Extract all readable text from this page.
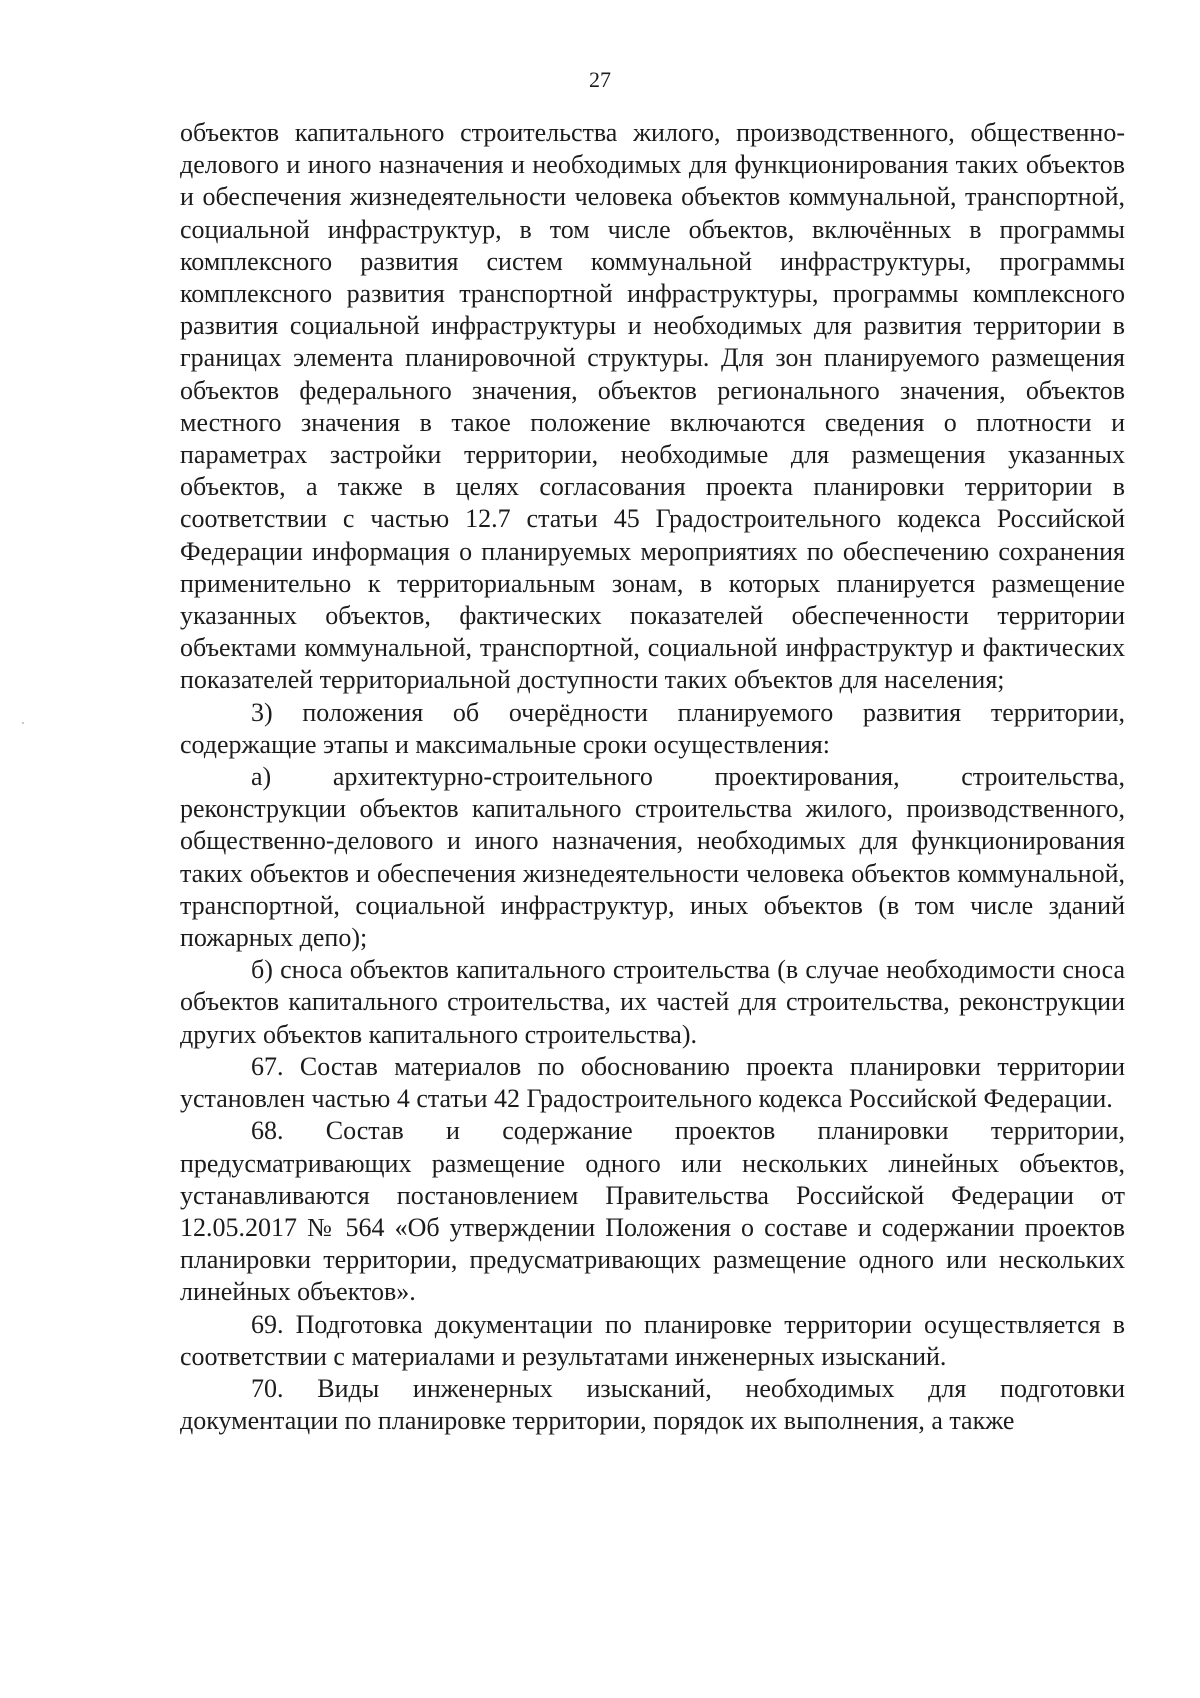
27

объектов капитального строительства жилого, производственного, общественно-делового и иного назначения и необходимых для функционирования таких объектов и обеспечения жизнедеятельности человека объектов коммунальной, транспортной, социальной инфраструктур, в том числе объектов, включённых в программы комплексного развития систем коммунальной инфраструктуры, программы комплексного развития транспортной инфраструктуры, программы комплексного развития социальной инфраструктуры и необходимых для развития территории в границах элемента планировочной структуры. Для зон планируемого размещения объектов федерального значения, объектов регионального значения, объектов местного значения в такое положение включаются сведения о плотности и параметрах застройки территории, необходимые для размещения указанных объектов, а также в целях согласования проекта планировки территории в соответствии с частью 12.7 статьи 45 Градостроительного кодекса Российской Федерации информация о планируемых мероприятиях по обеспечению сохранения применительно к территориальным зонам, в которых планируется размещение указанных объектов, фактических показателей обеспеченности территории объектами коммунальной, транспортной, социальной инфраструктур и фактических показателей территориальной доступности таких объектов для населения;

3) положения об очерёдности планируемого развития территории, содержащие этапы и максимальные сроки осуществления:

а) архитектурно-строительного проектирования, строительства, реконструкции объектов капитального строительства жилого, производственного, общественно-делового и иного назначения, необходимых для функционирования таких объектов и обеспечения жизнедеятельности человека объектов коммунальной, транспортной, социальной инфраструктур, иных объектов (в том числе зданий пожарных депо);

б) сноса объектов капитального строительства (в случае необходимости сноса объектов капитального строительства, их частей для строительства, реконструкции других объектов капитального строительства).

67. Состав материалов по обоснованию проекта планировки территории установлен частью 4 статьи 42 Градостроительного кодекса Российской Федерации.

68. Состав и содержание проектов планировки территории, предусматривающих размещение одного или нескольких линейных объектов, устанавливаются постановлением Правительства Российской Федерации от 12.05.2017 № 564 «Об утверждении Положения о составе и содержании проектов планировки территории, предусматривающих размещение одного или нескольких линейных объектов».

69. Подготовка документации по планировке территории осуществляется в соответствии с материалами и результатами инженерных изысканий.

70. Виды инженерных изысканий, необходимых для подготовки документации по планировке территории, порядок их выполнения, а также
